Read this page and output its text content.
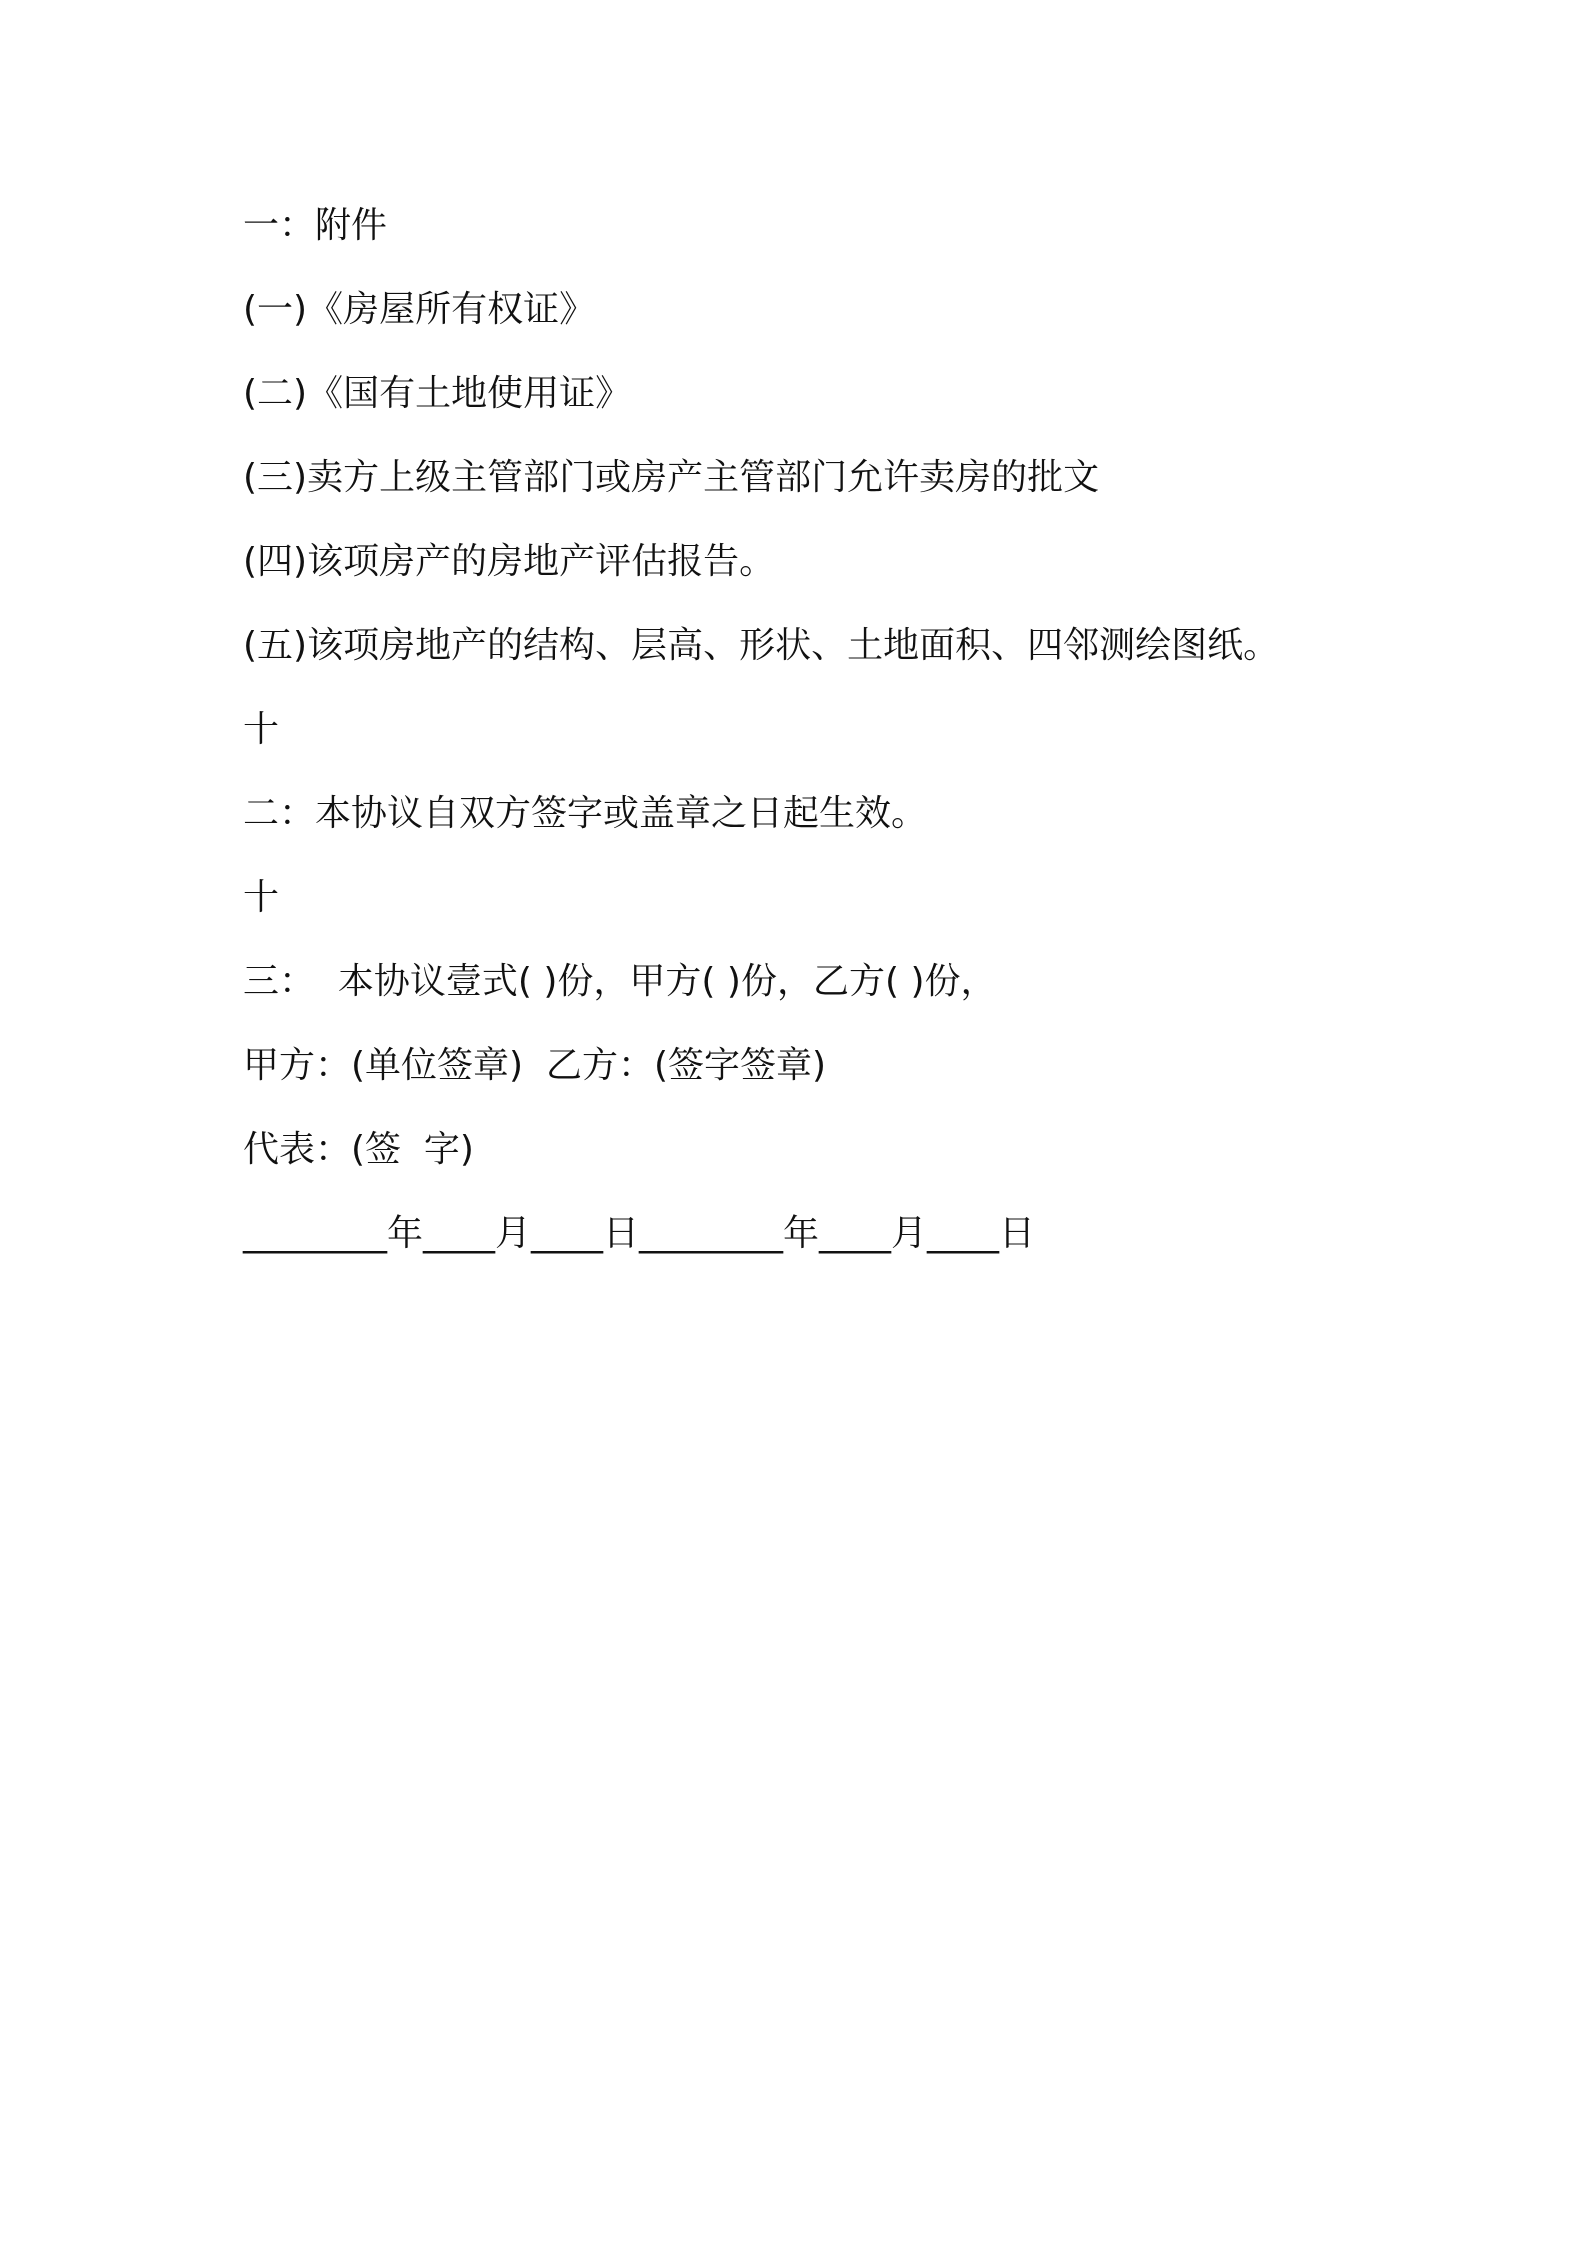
一：附件

(一)《房屋所有权证》

(二)《国有土地使用证》

(三)卖方上级主管部门或房产主管部门允许卖房的批文

(四)该项房产的房地产评估报告。

(五)该项房地产的结构、层高、形状、土地面积、四邻测绘图纸。

十

二：本协议自双方签字或盖章之日起生效。

十

三：  本协议壹式( )份，甲方( )份，乙方( )份，

甲方：(单位签章)  乙方：(签字签章)

代表：(签  字)

________年____月____日________年____月____日
